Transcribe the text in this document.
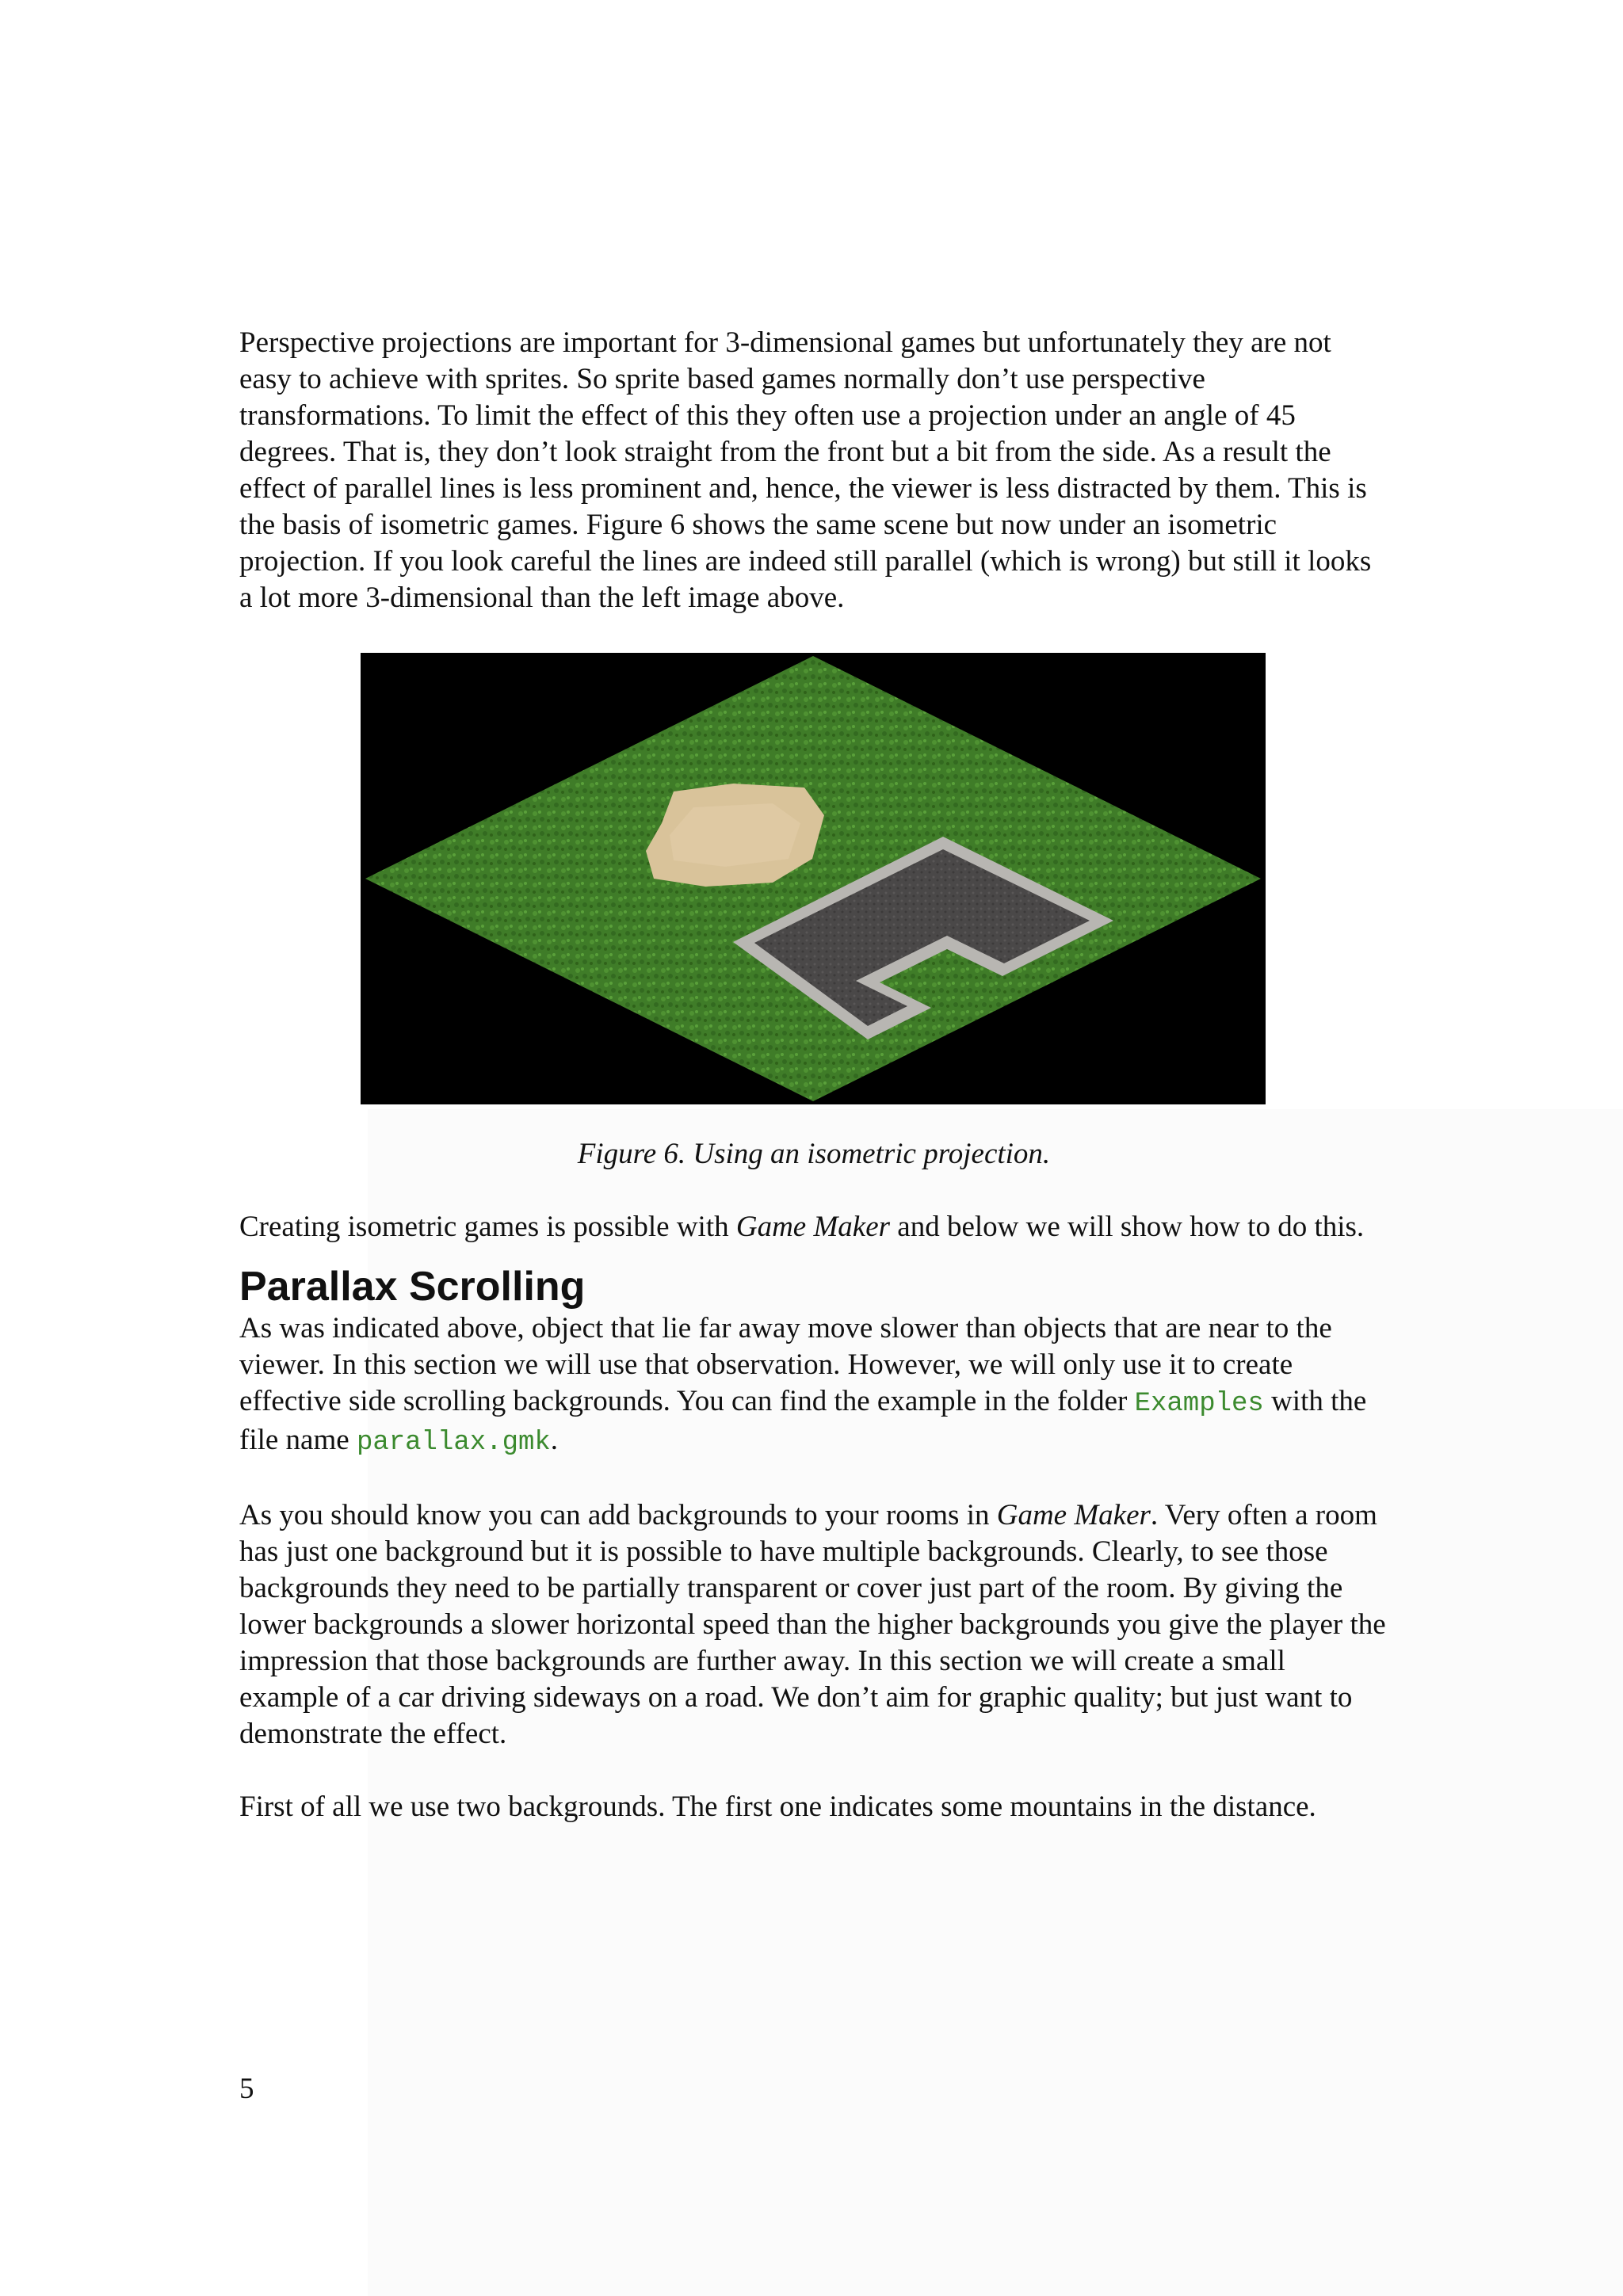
Perspective projections are important for 3-dimensional games but unfortunately they are not easy to achieve with sprites. So sprite based games normally don’t use perspective transformations. To limit the effect of this they often use a projection under an angle of 45 degrees. That is, they don’t look straight from the front but a bit from the side. As a result the effect of parallel lines is less prominent and, hence, the viewer is less distracted by them. This is the basis of isometric games. Figure 6 shows the same scene but now under an isometric projection. If you look careful the lines are indeed still parallel (which is wrong) but still it looks a lot more 3-dimensional than the left image above.

Figure 6. Using an isometric projection.

Creating isometric games is possible with Game Maker and below we will show how to do this.

Parallax Scrolling

As was indicated above, object that lie far away move slower than objects that are near to the viewer. In this section we will use that observation. However, we will only use it to create effective side scrolling backgrounds. You can find the example in the folder Examples with the file name parallax.gmk.

As you should know you can add backgrounds to your rooms in Game Maker. Very often a room has just one background but it is possible to have multiple backgrounds. Clearly, to see those backgrounds they need to be partially transparent or cover just part of the room. By giving the lower backgrounds a slower horizontal speed than the higher backgrounds you give the player the impression that those backgrounds are further away. In this section we will create a small example of a car driving sideways on a road. We don’t aim for graphic quality; but just want to demonstrate the effect.

First of all we use two backgrounds. The first one indicates some mountains in the distance.

5
